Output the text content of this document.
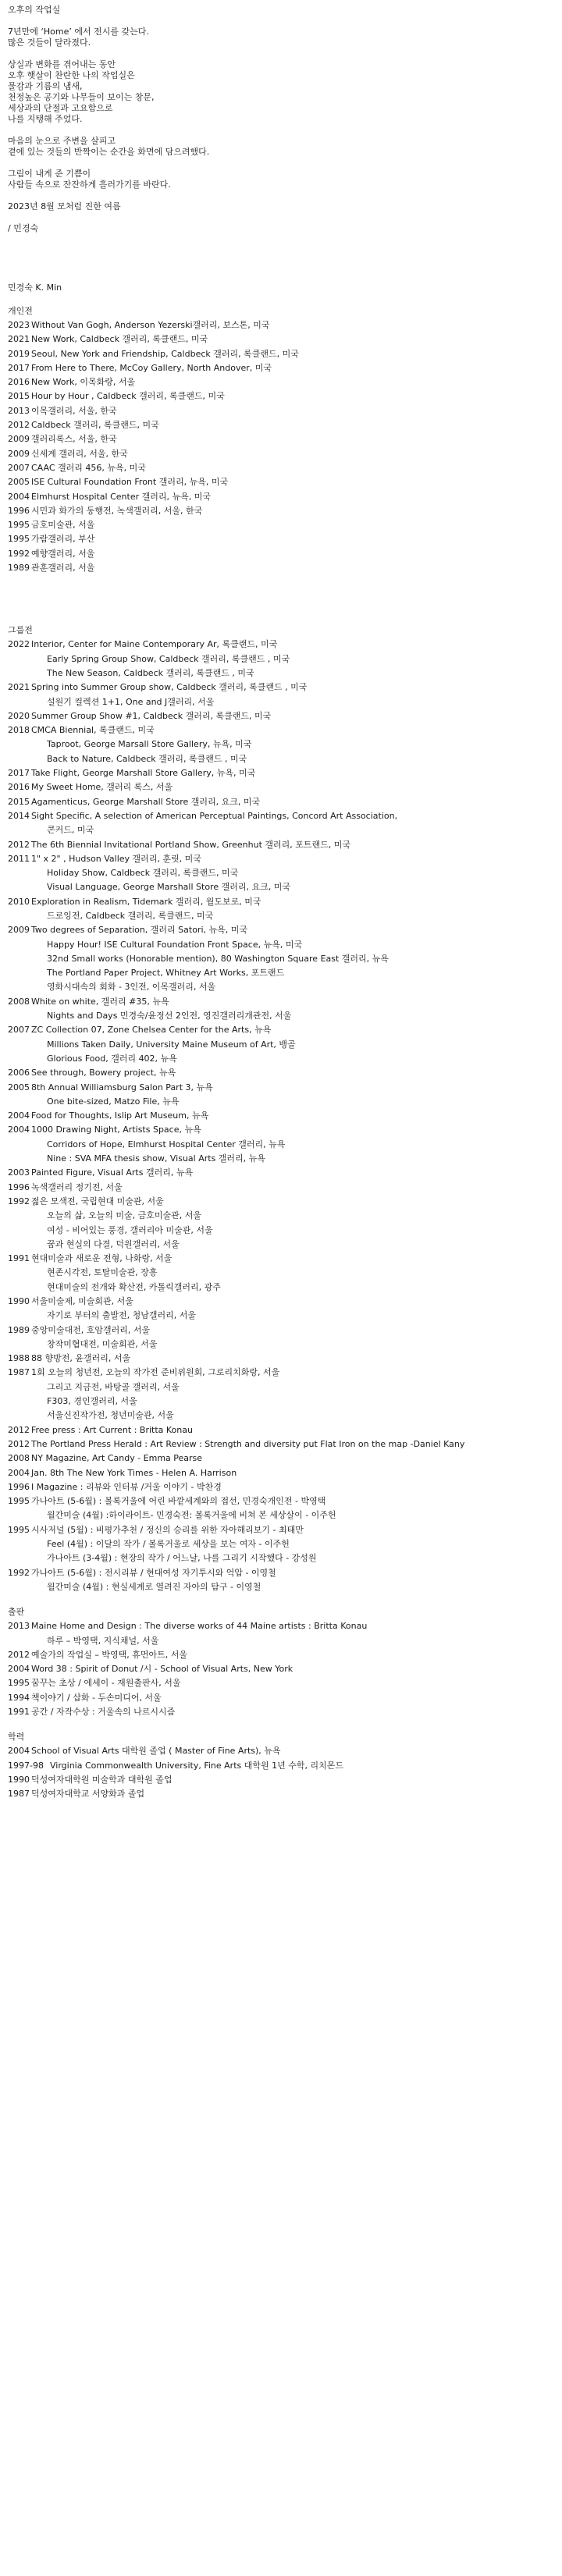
오후의 작업실
7년만에 ‘Home’ 에서 전시를 갖는다.
많은 것들이 달라졌다.
상실과 변화를 겪어내는 동안
오후 햇살이 찬란한 나의 작업실은
물감과 기름의 냄새,
천정높은 공기와 나무들이 보이는 창문,
세상과의 단절과 고요함으로
나를 지탱해 주었다.
마음의 눈으로 주변을 살피고
곁에 있는 것들의 반짝이는 순간을 화면에 담으려했다.
그림이 내게 준 기쁨이
사람들 속으로 잔잔하게 흘러가기를 바란다.
2023년 8월 모처럼 진한 여름
/ 민경숙
민경숙 K. Min
개인전
2023 Without Van Gogh, Anderson Yezerski갤러리, 보스톤, 미국
2021 New Work, Caldbeck 갤러리, 록클랜드, 미국
2019 Seoul, New York and Friendship, Caldbeck 갤러리, 록클랜드, 미국
2017 From Here to There, McCoy Gallery, North Andover, 미국
2016 New Work, 이목화랑, 서울
2015 Hour by Hour , Caldbeck 갤러리, 록클랜드, 미국
2013 이목갤러리, 서울, 한국
2012 Caldbeck 갤러리, 록클랜드, 미국
2009 갤러리록스, 서울, 한국
2009 신세계 갤러리, 서울, 한국
2007 CAAC 갤러리 456, 뉴욕, 미국
2005 ISE Cultural Foundation Front 갤러리, 뉴욕, 미국
2004 Elmhurst Hospital Center 갤러리, 뉴욕, 미국
1996 시민과 화가의 동행전, 녹색갤러리, 서울, 한국
1995 금호미술관, 서울
1995 가람갤러리, 부산
1992 예향갤러리, 서울
1989 관훈갤러리, 서울
그룹전
2022 Interior, Center for Maine Contemporary Ar, 록클랜드, 미국
Early Spring Group Show, Caldbeck 갤러리, 록클랜드 , 미국
The New Season, Caldbeck 갤러리, 록클랜드 , 미국
2021 Spring into Summer Group show, Caldbeck 갤러리, 록클랜드 , 미국
설원기 컬렉션 1+1, One and J갤러리, 서울
2020 Summer Group Show #1, Caldbeck 갤러리, 록클랜드, 미국
2018 CMCA Biennial, 록클랜드, 미국
Taproot, George Marsall Store Gallery, 뉴욕, 미국
Back to Nature, Caldbeck 갤러리, 록클랜드 , 미국
2017 Take Flight, George Marshall Store Gallery, 뉴욕, 미국
2016 My Sweet Home, 갤러리 록스, 서울
2015 Agamenticus, George Marshall Store 갤러리, 요크, 미국
2014 Sight Specific, A selection of American Perceptual Paintings, Concord Art Association,
콘커드, 미국
2012 The 6th Biennial Invitational Portland Show, Greenhut 갤러리, 포트랜드, 미국
2011 1" x 2" , Hudson Valley 갤러리, 훈릿, 미국
Holiday Show, Caldbeck 갤러리, 록클랜드, 미국
Visual Language, George Marshall Store 갤러리, 요크, 미국
2010 Exploration in Realism, Tidemark 갤러리, 월도보로, 미국
드로잉전, Caldbeck 갤러리, 록클랜드, 미국
2009 Two degrees of Separation, 갤러리 Satori, 뉴욕, 미국
Happy Hour! ISE Cultural Foundation Front Space, 뉴욕, 미국
32nd Small works (Honorable mention), 80 Washington Square East 갤러리, 뉴욕
The Portland Paper Project, Whitney Art Works, 포트랜드
영화시대속의 회화 - 3인전, 이목갤러리, 서울
2008 White on white, 갤러리 #35, 뉴욕
Nights and Days 민경숙/윤정선 2인전, 영진갤러리개관전, 서울
2007 ZC Collection 07, Zone Chelsea Center for the Arts, 뉴욕
Millions Taken Daily, University Maine Museum of Art, 뱅골
Glorious Food, 갤러리 402, 뉴욕
2006 See through, Bowery project, 뉴욕
2005 8th Annual Williamsburg Salon Part 3, 뉴욕
One bite-sized, Matzo File, 뉴욕
2004 Food for Thoughts, Islip Art Museum, 뉴욕
2004 1000 Drawing Night, Artists Space, 뉴욕
Corridors of Hope, Elmhurst Hospital Center 갤러리, 뉴욕
Nine : SVA MFA thesis show, Visual Arts 갤러리, 뉴욕
2003 Painted Figure, Visual Arts 갤러리, 뉴욕
1996 녹색갤러리 정기전, 서울
1992 젊은 모색전, 국립현대 미술관, 서울
오늘의 삶, 오늘의 미술, 금호미술관, 서울
여성 - 비어있는 풍경, 갤러리아 미술관, 서울
꿈과 현실의 다결, 덕원갤러리, 서울
1991 현대미술과 새로운 전형, 나화랑, 서울
현존시각전, 토탈미술관, 장흥
현대미술의 전개와 확산전, 카톨릭갤러리, 광주
1990 서울미술제, 미술회관, 서울
자기로 부터의 출발전, 청남갤러리, 서울
1989 중앙미술대전, 호암갤러리, 서울
창작미협대전, 미술회관, 서울
1988 88 향방전, 윤갤러리, 서울
1987 1회 오늘의 청년전, 오늘의 작가전 준비위원회, 그로리치화랑, 서울
그리고 지금전, 바탕골 갤러리, 서울
F303, 경인갤러리, 서울
서울신진작가전, 청년미술관, 서울
2012 Free press : Art Current : Britta Konau
2012 The Portland Press Herald : Art Review : Strength and diversity put Flat Iron on the map -Daniel Kany
2008 NY Magazine, Art Candy - Emma Pearse
2004 Jan. 8th The New York Times - Helen A. Harrison
1996 I Magazine : 리뷰와 인터뷰 /거울 이야기 - 박찬경
1995 가나아트 (5-6월) : 볼록거울에 어린 바깥세계와의 접선, 민경숙개인전 - 박영택
월간미술 (4월) :하이라이트- 민경숙전: 볼록거울에 비쳐 본 세상살이 - 이주헌
1995 시사저널 (5월) : 비평가추천 / 정신의 승리를 위한 자아해리보기 - 최태만
Feel (4월) : 이달의 작가 / 볼록거울로 세상을 보는 여자 - 이주헌
가나아트 (3-4월) : 현장의 작가 / 어느날, 나를 그리기 시작했다 - 강성원
1992 가나아트 (5-6월) : 전시리뷰 / 현대여성 자기투시와 억압 - 이영철
월간미술 (4월) : 현실세계로 열려진 자아의 탐구 - 이영철
출판
2013 Maine Home and Design : The diverse works of 44 Maine artists : Britta Konau
하루 – 박영택, 지식채널, 서울
2012 예술가의 작업실 – 박영택, 휴먼아트, 서울
2004 Word 38 : Spirit of Donut /시 - School of Visual Arts, New York
1995 꿈꾸는 초상 / 에세이 - 재원출판사, 서울
1994 책이야기 / 삽화 - 두손미디어, 서울
1991 공간 / 자작수상 : 거울속의 나르시시즘
학력
2004 School of Visual Arts 대학원 졸업 ( Master of Fine Arts), 뉴욕
1997-98 Virginia Commonwealth University, Fine Arts 대학원 1년 수학, 리치몬드
1990 덕성여자대학원 미술학과 대학원 졸업
1987 덕성여자대학교 서양화과 졸업
